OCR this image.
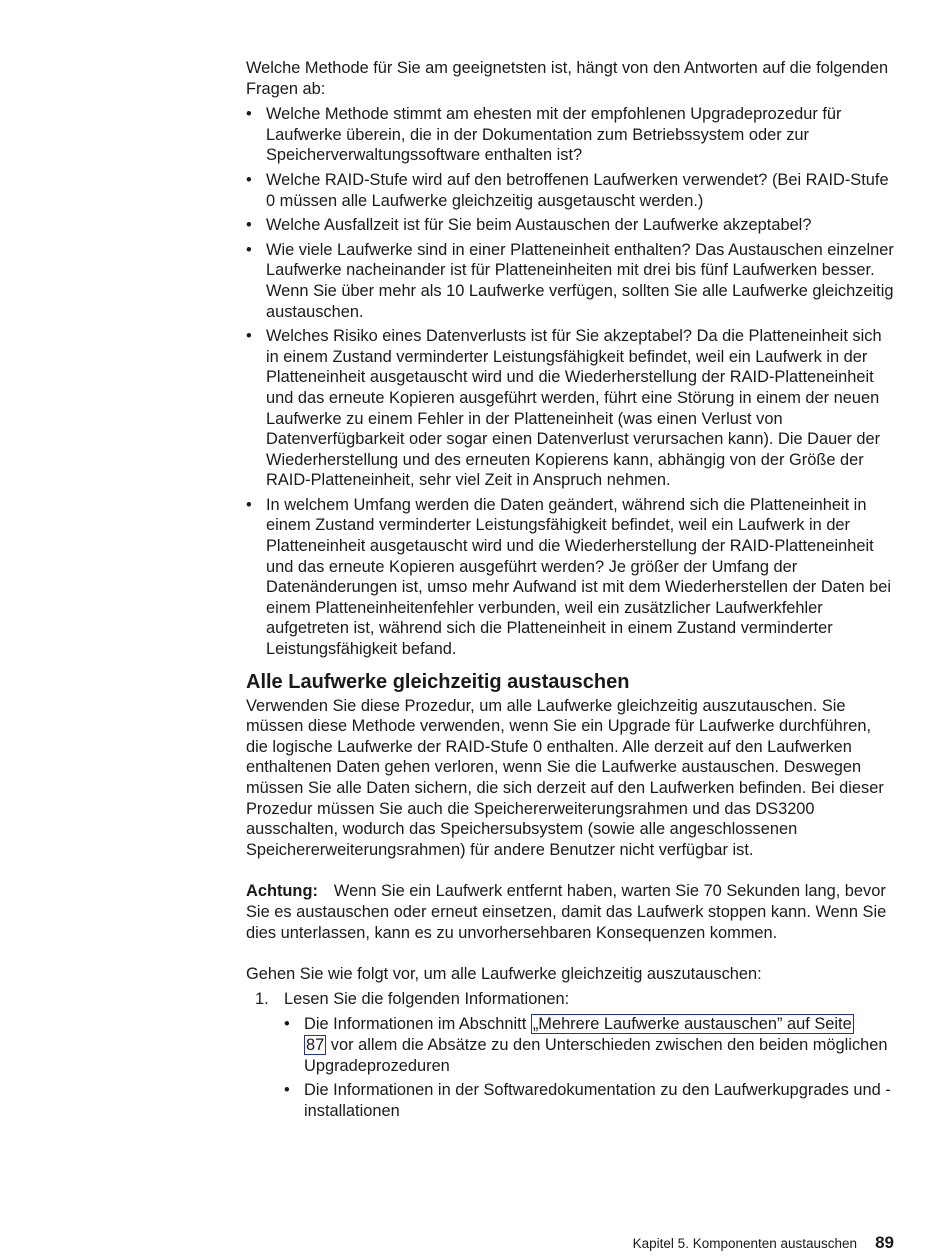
Welche Methode für Sie am geeignetsten ist, hängt von den Antworten auf die folgenden Fragen ab:

• Welche Methode stimmt am ehesten mit der empfohlenen Upgradeprozedur für Laufwerke überein, die in der Dokumentation zum Betriebssystem oder zur Speicherverwaltungssoftware enthalten ist?
• Welche RAID-Stufe wird auf den betroffenen Laufwerken verwendet? (Bei RAID-Stufe 0 müssen alle Laufwerke gleichzeitig ausgetauscht werden.)
• Welche Ausfallzeit ist für Sie beim Austauschen der Laufwerke akzeptabel?
• Wie viele Laufwerke sind in einer Platteneinheit enthalten? Das Austauschen einzelner Laufwerke nacheinander ist für Platteneinheiten mit drei bis fünf Laufwerken besser. Wenn Sie über mehr als 10 Laufwerke verfügen, sollten Sie alle Laufwerke gleichzeitig austauschen.
• Welches Risiko eines Datenverlusts ist für Sie akzeptabel? Da die Platteneinheit sich in einem Zustand verminderter Leistungsfähigkeit befindet, weil ein Laufwerk in der Platteneinheit ausgetauscht wird und die Wiederherstellung der RAID-Platteneinheit und das erneute Kopieren ausgeführt werden, führt eine Störung in einem der neuen Laufwerke zu einem Fehler in der Platteneinheit (was einen Verlust von Datenverfügbarkeit oder sogar einen Datenverlust verursachen kann). Die Dauer der Wiederherstellung und des erneuten Kopierens kann, abhängig von der Größe der RAID-Platteneinheit, sehr viel Zeit in Anspruch nehmen.
• In welchem Umfang werden die Daten geändert, während sich die Platteneinheit in einem Zustand verminderter Leistungsfähigkeit befindet, weil ein Laufwerk in der Platteneinheit ausgetauscht wird und die Wiederherstellung der RAID-Platteneinheit und das erneute Kopieren ausgeführt werden? Je größer der Umfang der Datenänderungen ist, umso mehr Aufwand ist mit dem Wiederherstellen der Daten bei einem Platteneinheitenfehler verbunden, weil ein zusätzlicher Laufwerkfehler aufgetreten ist, während sich die Platteneinheit in einem Zustand verminderter Leistungsfähigkeit befand.
Alle Laufwerke gleichzeitig austauschen

Verwenden Sie diese Prozedur, um alle Laufwerke gleichzeitig auszutauschen. Sie müssen diese Methode verwenden, wenn Sie ein Upgrade für Laufwerke durchführen, die logische Laufwerke der RAID-Stufe 0 enthalten. Alle derzeit auf den Laufwerken enthaltenen Daten gehen verloren, wenn Sie die Laufwerke austauschen. Deswegen müssen Sie alle Daten sichern, die sich derzeit auf den Laufwerken befinden. Bei dieser Prozedur müssen Sie auch die Speichererweiterungsrahmen und das DS3200 ausschalten, wodurch das Speichersubsystem (sowie alle angeschlossenen Speichererweiterungsrahmen) für andere Benutzer nicht verfügbar ist.

Achtung: Wenn Sie ein Laufwerk entfernt haben, warten Sie 70 Sekunden lang, bevor Sie es austauschen oder erneut einsetzen, damit das Laufwerk stoppen kann. Wenn Sie dies unterlassen, kann es zu unvorhersehbaren Konsequenzen kommen.

Gehen Sie wie folgt vor, um alle Laufwerke gleichzeitig auszutauschen:

1. Lesen Sie die folgenden Informationen:
• Die Informationen im Abschnitt „Mehrere Laufwerke austauschen” auf Seite
87 vor allem die Absätze zu den Unterschieden zwischen den beiden möglichen Upgradeprozeduren
• Die Informationen in der Softwaredokumentation zu den Laufwerkupgrades und -installationen
Kapitel 5. Komponenten austauschen 89
